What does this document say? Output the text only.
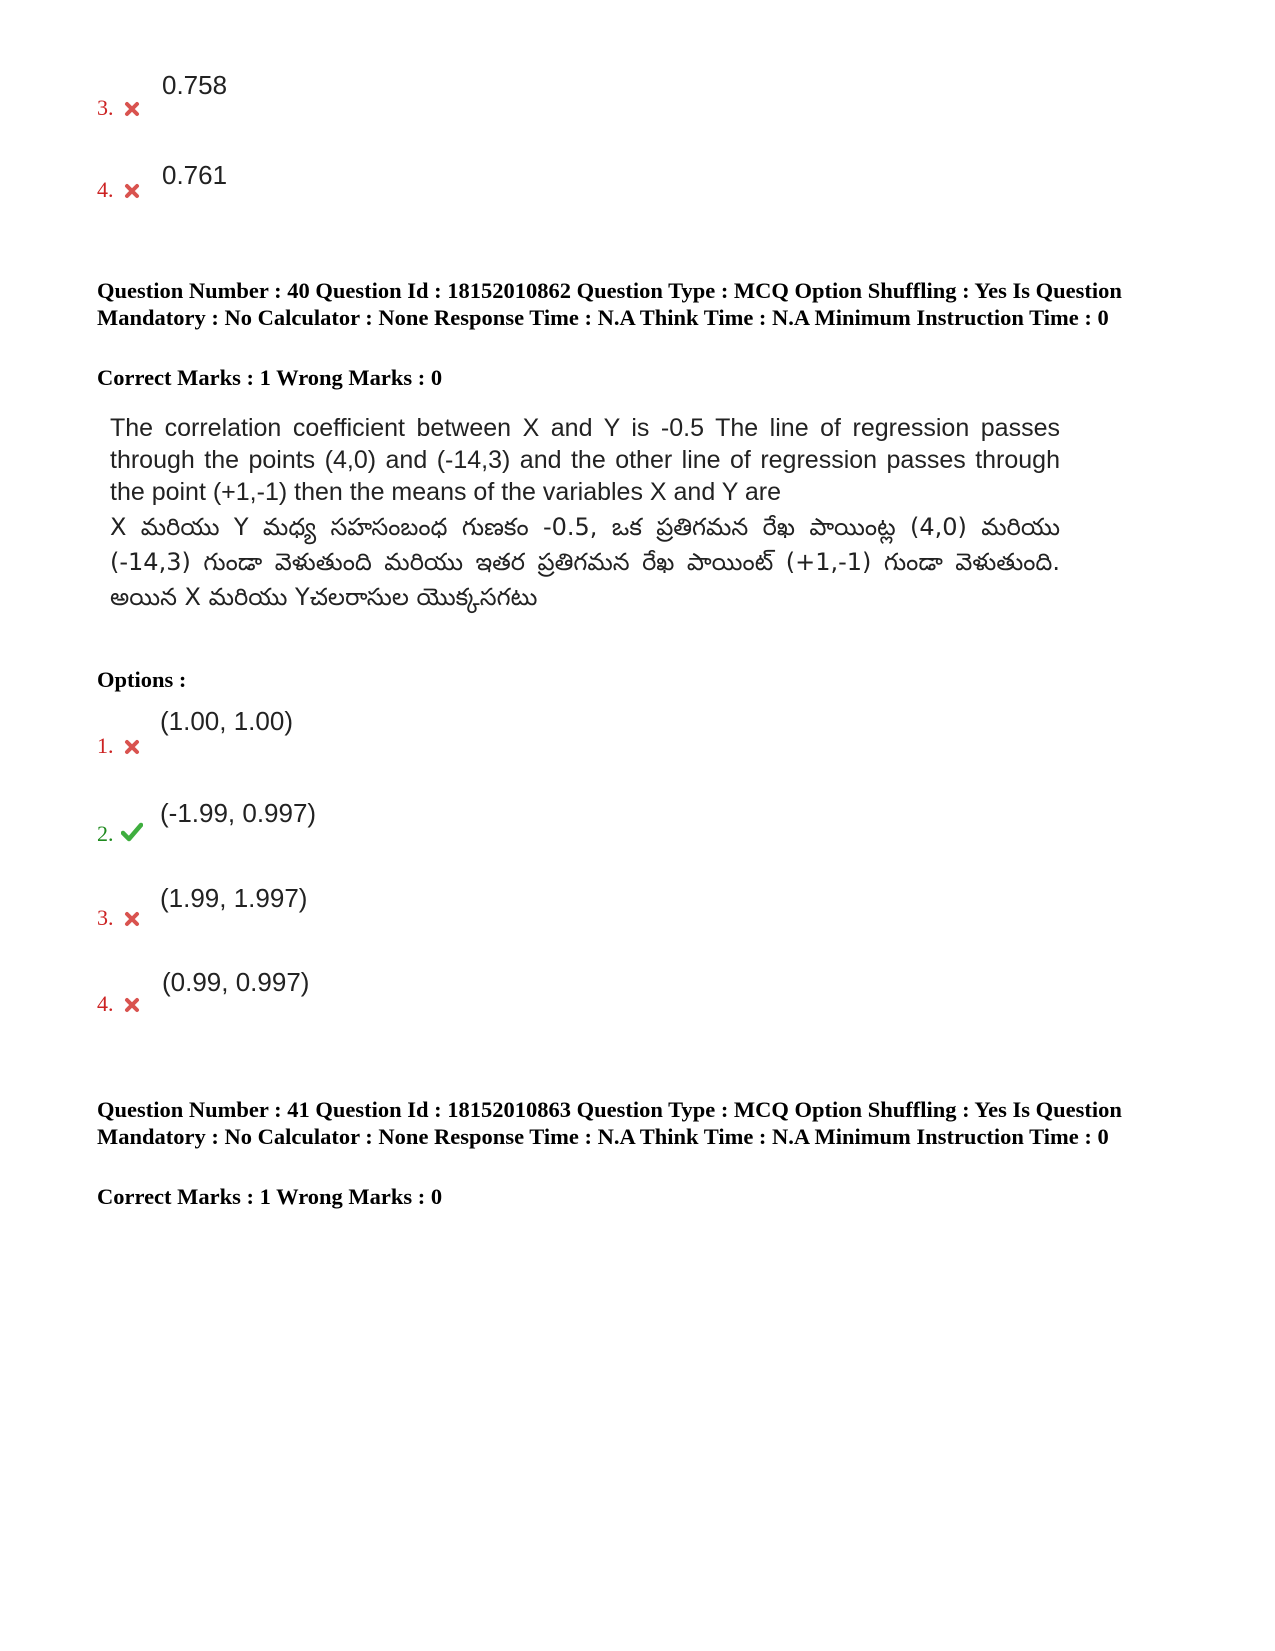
3.
0.758
4. 0.761
Question Number : 40 Question Id : 18152010862 Question Type : MCQ Option Shuffling : Yes Is Question Mandatory : No Calculator : None Response Time : N.A Think Time : N.A Minimum Instruction Time : 0
Correct Marks : 1 Wrong Marks : 0
The correlation coefficient between X and Y is -0.5 The line of regression passes through the points (4,0) and (-14,3) and the other line of regression passes through the point (+1,-1) then the means of the variables X and Y are
X మరియు Y మధ్య సహసంబంధ గుణకం -0.5, ఒక ప్రతిగమన రేఖ పాయింట్ల (4,0) మరియు (-14,3) గుండా వెళుతుంది మరియు ఇతర ప్రతిగమన రేఖ పాయింట్ (+1,-1) గుండా వెళుతుంది. అయిన X మరియు Yచలరాసుల యొక్కసగటు
Options :
1.
(1.00, 1.00)
2.
(-1.99, 0.997)
3.
(1.99, 1.997)
4.
(0.99, 0.997)
Question Number : 41 Question Id : 18152010863 Question Type : MCQ Option Shuffling : Yes Is Question Mandatory : No Calculator : None Response Time : N.A Think Time : N.A Minimum Instruction Time : 0
Correct Marks : 1 Wrong Marks : 0
